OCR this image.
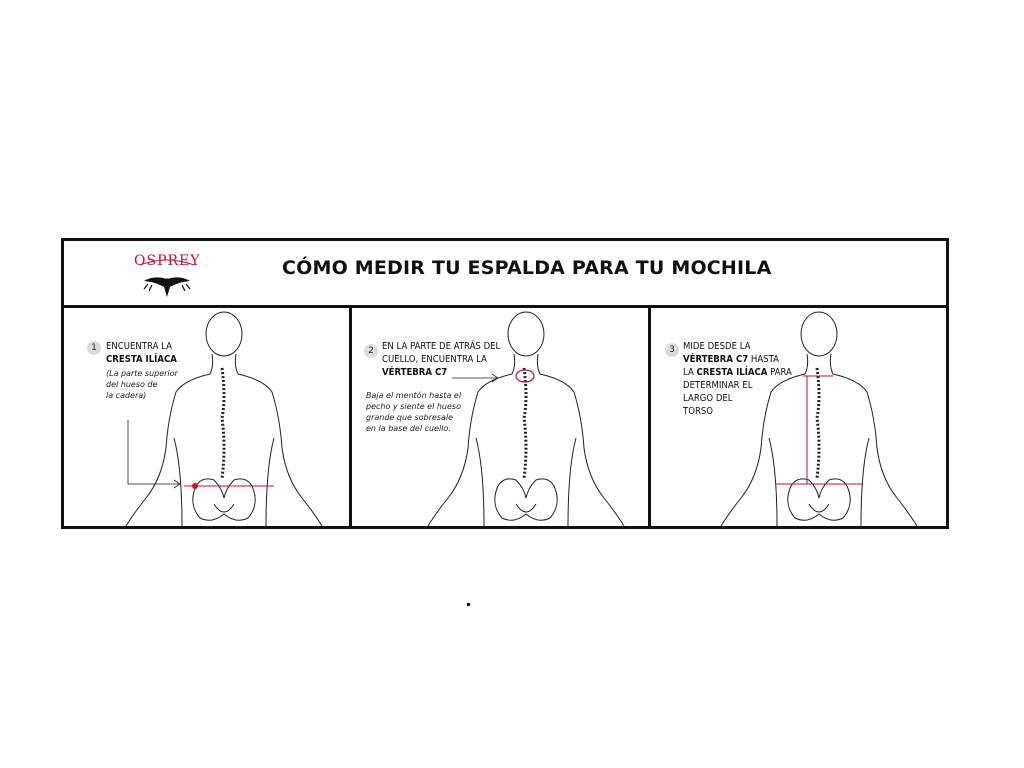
OSPREY	CÓMO MEDIR TU ESPALDA PARA TU MOCHILA
1 ENCUENTRA LA
CRESTA ILÍACA
(La parte superior
del hueso de
la cadera)
2 EN LA PARTE DE ATRÁS DEL
CUELLO, ENCUENTRA LA
VÉRTEBRA C7
Baja el mentón hasta el
pecho y siente el hueso
grande que sobresale
en la base del cuello.
3 MIDE DESDE LA
VÉRTEBRA C7 HASTA
LA CRESTA ILÍACA PARA
DETERMINAR EL
LARGO DEL
TORSO
